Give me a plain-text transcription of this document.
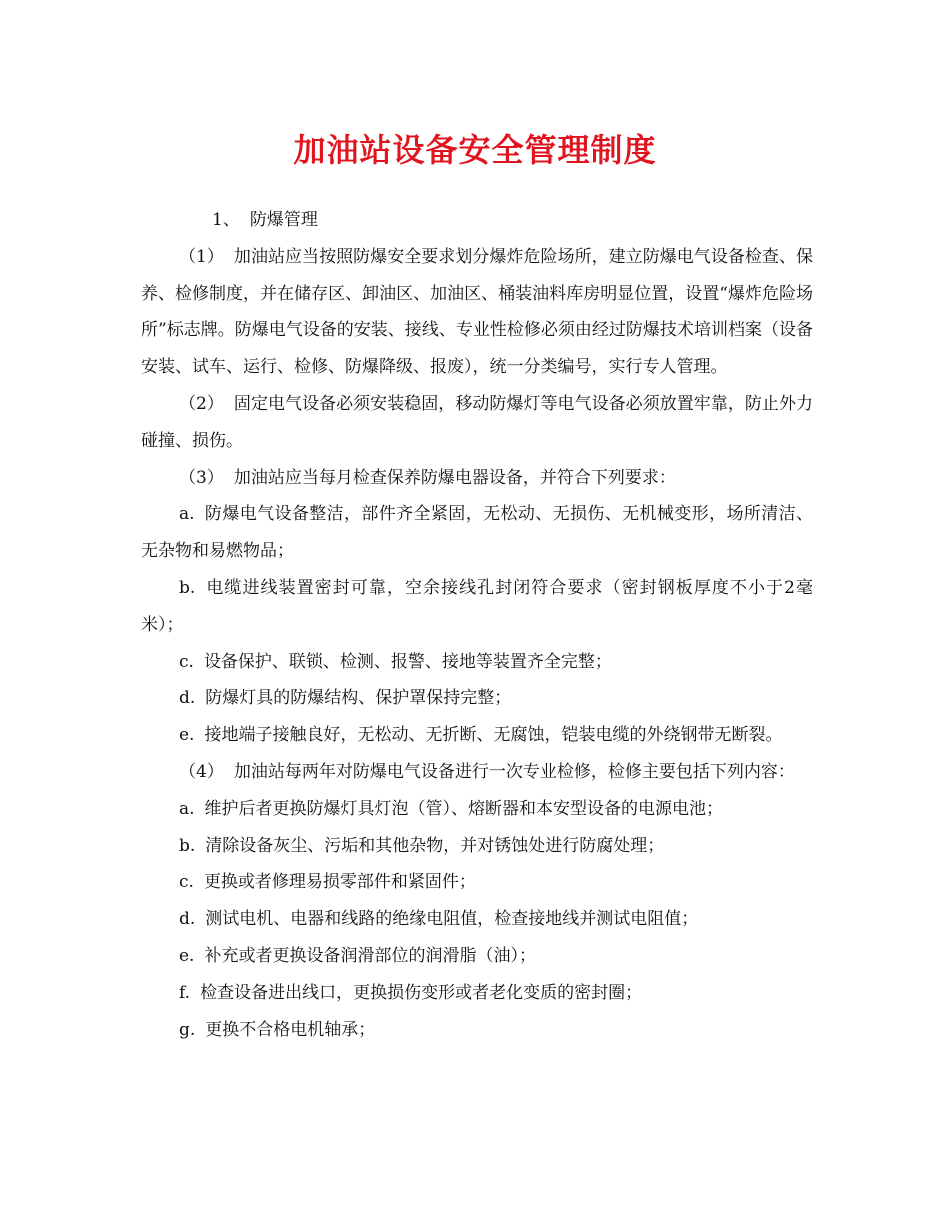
加油站设备安全管理制度

1、 防爆管理

（1） 加油站应当按照防爆安全要求划分爆炸危险场所，建立防爆电气设备检查、保养、检修制度，并在储存区、卸油区、加油区、桶装油料库房明显位置，设置“爆炸危险场所”标志牌。防爆电气设备的安装、接线、专业性检修必须由经过防爆技术培训档案（设备安装、试车、运行、检修、防爆降级、报废），统一分类编号，实行专人管理。

（2） 固定电气设备必须安装稳固，移动防爆灯等电气设备必须放置牢靠，防止外力碰撞、损伤。

（3） 加油站应当每月检查保养防爆电器设备，并符合下列要求：

a. 防爆电气设备整洁，部件齐全紧固，无松动、无损伤、无机械变形，场所清洁、无杂物和易燃物品；

b. 电缆进线装置密封可靠，空余接线孔封闭符合要求（密封钢板厚度不小于2毫米）；

c. 设备保护、联锁、检测、报警、接地等装置齐全完整；

d. 防爆灯具的防爆结构、保护罩保持完整；

e. 接地端子接触良好，无松动、无折断、无腐蚀，铠装电缆的外绕钢带无断裂。

（4） 加油站每两年对防爆电气设备进行一次专业检修，检修主要包括下列内容：

a. 维护后者更换防爆灯具灯泡（管）、熔断器和本安型设备的电源电池；

b. 清除设备灰尘、污垢和其他杂物，并对锈蚀处进行防腐处理；

c. 更换或者修理易损零部件和紧固件；

d. 测试电机、电器和线路的绝缘电阻值，检查接地线并测试电阻值；

e. 补充或者更换设备润滑部位的润滑脂（油）；

f. 检查设备进出线口，更换损伤变形或者老化变质的密封圈；

g. 更换不合格电机轴承；
